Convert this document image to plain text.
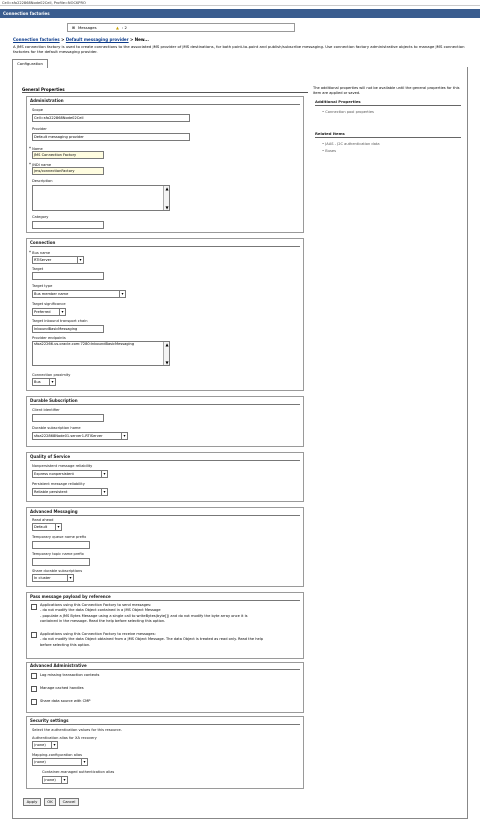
Cell=sfo222868Node02Cell, Profile=NOCKPRO
Connection factories
⊞ Messages	▲ : 2
Connection factories > Default messaging provider > New...
A JMS connection factory is used to create connections to the associated JMS provider of JMS destinations, for both point-to-point and publish/subscribe messaging. Use connection factory administrative objects to manage JMS connection factories for the default messaging provider.
Configuration
General Properties
Administration
Scope
Cell=sfo222868Node02Cell
Provider
Default messaging provider
* Name
JMS Connection Factory
* JNDI name
jms/connectionFactory
Description
▲
▼
Category
Connection
* Bus name
RTIServer	▾
Target
Target type
Bus member name	▾
Target significance
Preferred	▾
Target inbound transport chain
InboundBasicMessaging
Provider endpoints
sfoa22266.us.oracle.com:7280:InboundBasicMessaging	▲
▼
Connection proximity
Bus	▾
Durable Subscription
Client identifier
Durable subscription home
sfoa222868Node01.server1-RTIServer	▾
Quality of Service
Nonpersistent message reliability
Express nonpersistent	▾
Persistent message reliability
Reliable persistent	▾
Advanced Messaging
Read ahead
Default	▾
Temporary queue name prefix
Temporary topic name prefix
Share durable subscriptions
In cluster	▾
Pass message payload by reference
Applications using this Connection Factory to send messages:
- do not modify the data Object contained in a JMS Object Message
- populate a JMS Bytes Message using a single call to writeBytes(byte[]) and do not modify the byte array once it is
contained in the message. Read the help before selecting this option.
Applications using this Connection Factory to receive messages:
- do not modify the data Object obtained from a JMS Object Message. The data Object is treated as read only. Read the help
before selecting this option.
Advanced Administrative
Log missing transaction contexts
Manage cached handles
Share data source with CMP
Security settings
Select the authentication values for this resource.
Authentication alias for XA recovery
(none)	▾
Mapping-configuration alias
(none)	▾
Container-managed authentication alias
(none)	▾
Apply	OK	Cancel
The additional properties will not be available until the general properties for this item are applied or saved.
Additional Properties
• Connection pool properties
Related Items
• JAAS - J2C authentication data
• Buses
